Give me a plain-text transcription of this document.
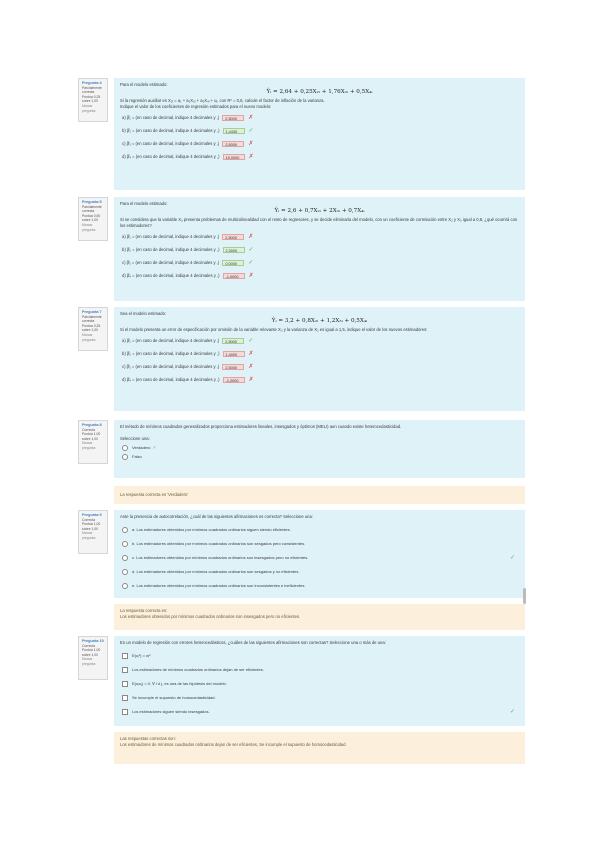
Pregunta 4
Parcialmente correcta
Puntúa 0,25 sobre 1,00
Marcar pregunta
Para el modelo estimado:
Ŷᵢ = 2,64 + 0,25X₂ᵢ + 1,76X₃ᵢ + 0,5X₄ᵢ
Si la regresión auxiliar es X₂ᵢ = a₁ + a₂X₃ᵢ + a₃X₄ᵢ + uᵢ, con R² = 0,6, calcule el factor de inflación de la varianza.
Indique el valor de los coeficientes de regresión estimados para el nuevo modelo:
a) β̂₁ = (en caso de decimal, indique 4 decimales y ,)	2,5000	✗
b) β̂₂ = (en caso de decimal, indique 4 decimales y ,)	1,4430	✓
c) β̂₃ = (en caso de decimal, indique 4 decimales y ,)	2,5000	✗
d) β̂₄ = (en caso de decimal, indique 4 decimales y ,)	10,0000	✗
Pregunta 5
Parcialmente correcta
Puntúa 0,50 sobre 1,00
Marcar pregunta
Para el modelo estimado:
Ŷᵢ = 2,6 + 0,7X₂ᵢ + 2X₃ᵢ + 0,7X₄ᵢ
Si se considera que la variable X₃ presenta problemas de multicolinealidad con el resto de regresores, y se decide eliminarla del modelo, con un coeficiente de correlación entre X₂ y X₃ igual a 0,8, ¿qué ocurrirá con los estimadores?
a) β̂₁ = (en caso de decimal, indique 4 decimales y ,)	2,5000	✗
b) β̂₂ = (en caso de decimal, indique 4 decimales y ,)	2,3000	✓
c) β̂₃ = (en caso de decimal, indique 4 decimales y ,)	0,0000	✓
d) β̂₄ = (en caso de decimal, indique 4 decimales y ,)	-1,0000	✗
Pregunta 7
Parcialmente correcta
Puntúa 0,25 sobre 1,00
Marcar pregunta
Sea el modelo estimado:
Ŷᵢ = 3,2 + 0,8X₂ᵢ + 1,2X₃ᵢ + 0,5X₄ᵢ
Si el modelo presenta un error de especificación por omisión de la variable relevante X₃ y la varianza de X₂ es igual a 1,5, indique el valor de los nuevos estimadores:
a) β̂₁ = (en caso de decimal, indique 4 decimales y ,)	2,5000	✓
b) β̂₂ = (en caso de decimal, indique 4 decimales y ,)	1,4000	✗
c) β̂₃ = (en caso de decimal, indique 4 decimales y ,)	2,5000	✗
d) β̂₄ = (en caso de decimal, indique 4 decimales y ,)	-1,2000	✗
Pregunta 8
Correcta
Puntúa 1,00 sobre 1,00
Marcar pregunta
El método de mínimos cuadrados generalizados proporciona estimadores lineales, insesgados y óptimos (MELI) aun cuando existe heterocedasticidad.
Seleccione una:
Verdadero ✓
Falso
La respuesta correcta es 'Verdadero'
Pregunta 9
Correcta
Puntúa 1,00 sobre 1,00
Marcar pregunta
Ante la presencia de autocorrelación, ¿cuál de las siguientes afirmaciones es correcta? Seleccione una:
a. Los estimadores obtenidos por mínimos cuadrados ordinarios siguen siendo eficientes.
b. Los estimadores obtenidos por mínimos cuadrados ordinarios son sesgados pero consistentes.
c. Los estimadores obtenidos por mínimos cuadrados ordinarios son insesgados pero no eficientes.	✓
d. Los estimadores obtenidos por mínimos cuadrados ordinarios son sesgados y no eficientes.
e. Los estimadores obtenidos por mínimos cuadrados ordinarios son inconsistentes e ineficientes.
La respuesta correcta es:
Los estimadores obtenidos por mínimos cuadrados ordinarios son insesgados pero no eficientes.
Pregunta 10
Correcta
Puntúa 1,00 sobre 1,00
Marcar pregunta
En un modelo de regresión con errores heterocedásticos, ¿cuáles de las siguientes afirmaciones son correctas? Seleccione una o más de una:
E(uᵢ²) = σᵢ²
Los estimadores de mínimos cuadrados ordinarios dejan de ser eficientes.
E(uᵢuⱼ) = 0, ∀ i ≠ j, es una de las hipótesis del modelo.
Se incumple el supuesto de homocedasticidad.
Los estimadores siguen siendo insesgados.	✓
Las respuestas correctas son:
Los estimadores de mínimos cuadrados ordinarios dejan de ser eficientes, Se incumple el supuesto de homocedasticidad
